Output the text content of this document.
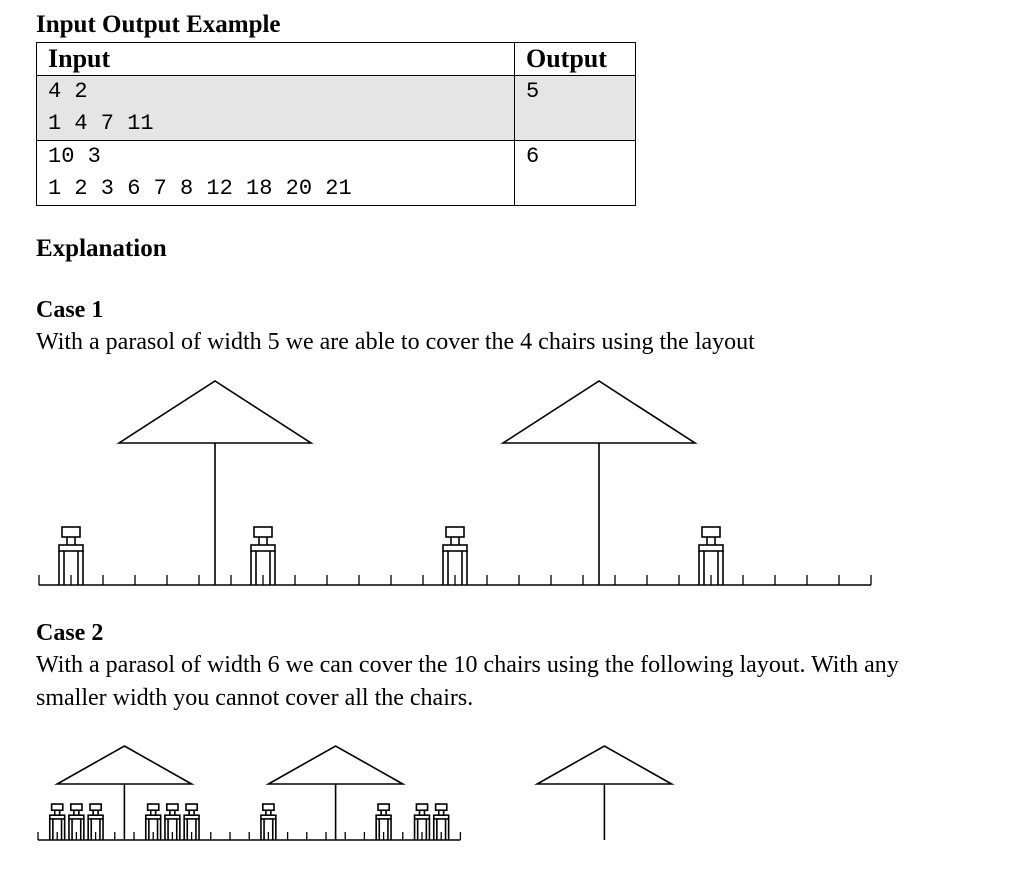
Input Output Example
Input	Output

4 2
1 4 7 11	5

10 3
1 2 3 6 7 8 12 18 20 21	6
Explanation
Case 1
With a parasol of width 5 we are able to cover the 4 chairs using the layout
Case 2
With a parasol of width 6 we can cover the 10 chairs using the following layout. With any
smaller width you cannot cover all the chairs.
